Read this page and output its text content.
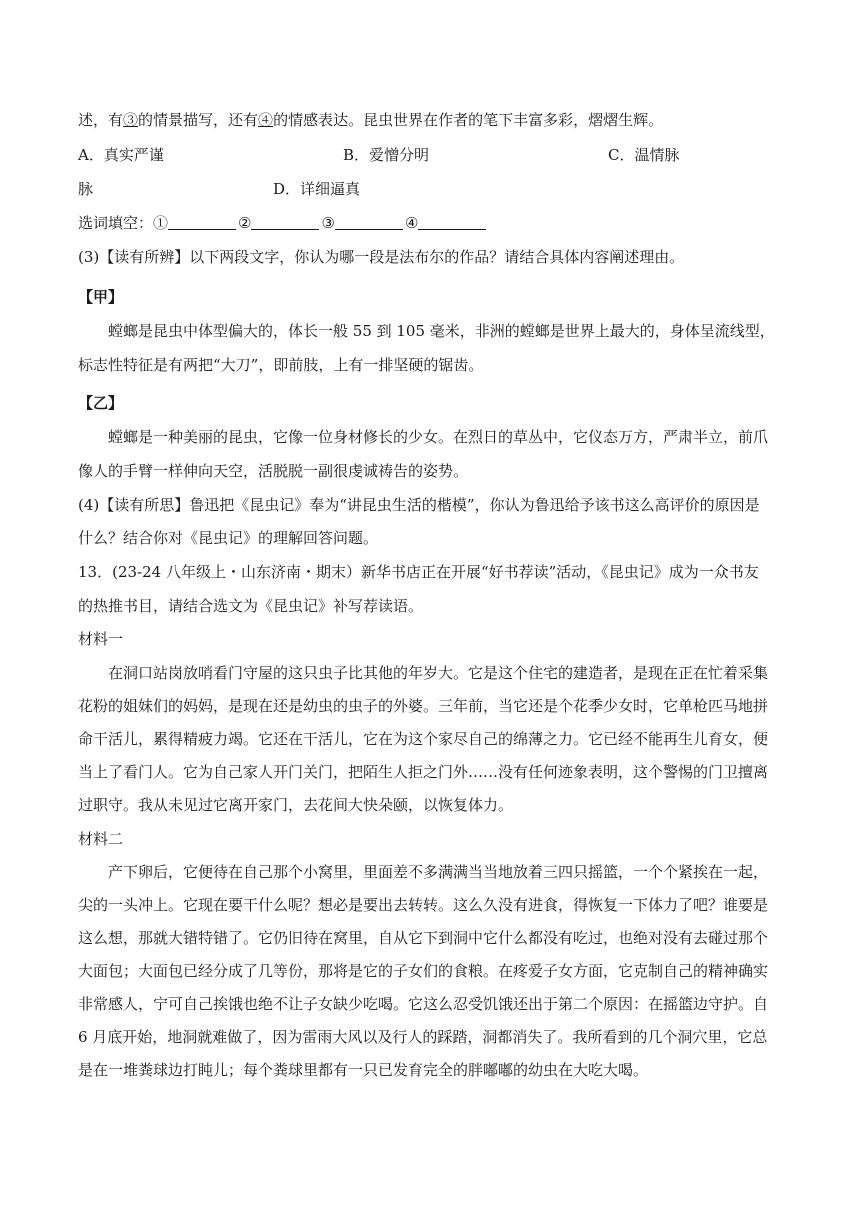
述，有③的情景描写，还有④的情感表达。昆虫世界在作者的笔下丰富多彩，熠熠生辉。
A．真实严谨	B．爱憎分明	C．温情脉
脉	D．详细逼真
选词填空：①	②	③	④
(3)【读有所辨】以下两段文字，你认为哪一段是法布尔的作品？请结合具体内容阐述理由。
【甲】
螳螂是昆虫中体型偏大的，体长一般 55 到 105 毫米，非洲的螳螂是世界上最大的，身体呈流线型，
标志性特征是有两把“大刀”，即前肢，上有一排坚硬的锯齿。
【乙】
螳螂是一种美丽的昆虫，它像一位身材修长的少女。在烈日的草丛中，它仪态万方，严肃半立，前爪
像人的手臂一样伸向天空，活脱脱一副很虔诚祷告的姿势。
(4)【读有所思】鲁迅把《昆虫记》奉为“讲昆虫生活的楷模”，你认为鲁迅给予该书这么高评价的原因是
什么？结合你对《昆虫记》的理解回答问题。
13．(23-24 八年级上・山东济南・期末）新华书店正在开展“好书荐读”活动，《昆虫记》成为一众书友
的热推书目，请结合选文为《昆虫记》补写荐读语。
材料一
在洞口站岗放哨看门守屋的这只虫子比其他的年岁大。它是这个住宅的建造者，是现在正在忙着采集
花粉的姐妹们的妈妈，是现在还是幼虫的虫子的外婆。三年前，当它还是个花季少女时，它单枪匹马地拼
命干活儿，累得精疲力竭。它还在干活儿，它在为这个家尽自己的绵薄之力。它已经不能再生儿育女，便
当上了看门人。它为自己家人开门关门，把陌生人拒之门外……没有任何迹象表明，这个警惕的门卫擅离
过职守。我从未见过它离开家门，去花间大快朵颐，以恢复体力。
材料二
产下卵后，它便待在自己那个小窝里，里面差不多满满当当地放着三四只摇篮，一个个紧挨在一起，
尖的一头冲上。它现在要干什么呢？想必是要出去转转。这么久没有进食，得恢复一下体力了吧？谁要是
这么想，那就大错特错了。它仍旧待在窝里，自从它下到洞中它什么都没有吃过，也绝对没有去碰过那个
大面包；大面包已经分成了几等份，那将是它的子女们的食粮。在疼爱子女方面，它克制自己的精神确实
非常感人，宁可自己挨饿也绝不让子女缺少吃喝。它这么忍受饥饿还出于第二个原因：在摇篮边守护。自
6 月底开始，地洞就难做了，因为雷雨大风以及行人的踩踏，洞都消失了。我所看到的几个洞穴里，它总
是在一堆粪球边打盹儿；每个粪球里都有一只已发育完全的胖嘟嘟的幼虫在大吃大喝。
